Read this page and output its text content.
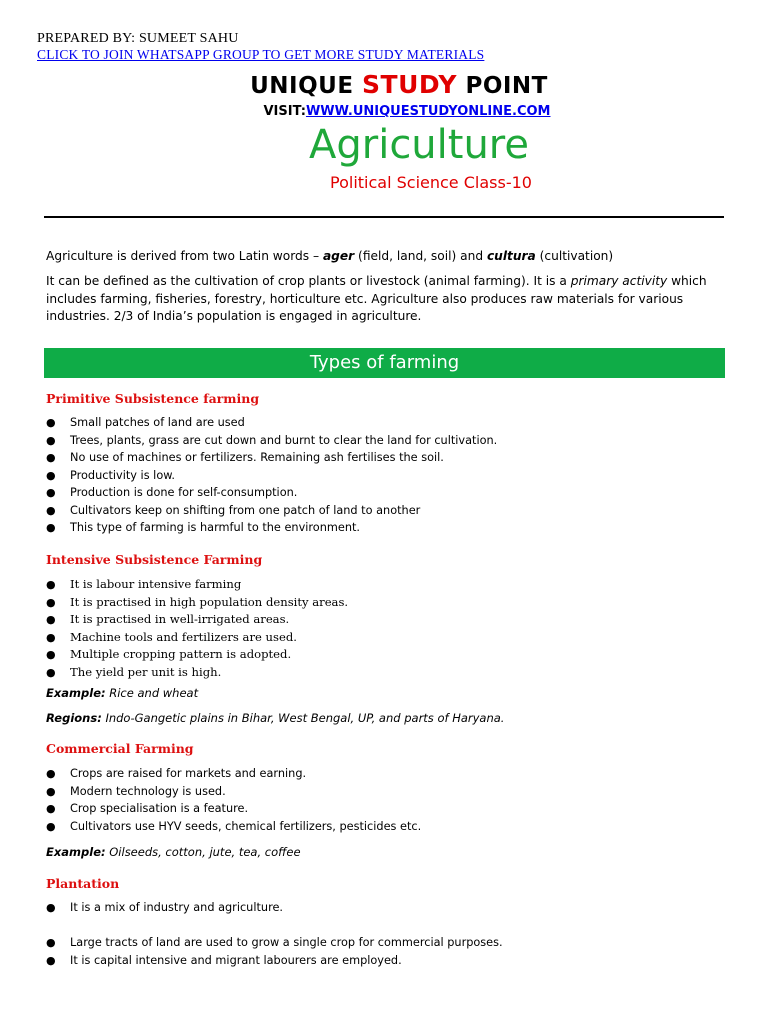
PREPARED BY: SUMEET SAHU
CLICK TO JOIN WHATSAPP GROUP TO GET MORE STUDY MATERIALS
UNIQUE STUDY POINT
VISIT:WWW.UNIQUESTUDYONLINE.COM
Agriculture
Political Science Class-10
Agriculture is derived from two Latin words – ager (field, land, soil) and cultura (cultivation)
It can be defined as the cultivation of crop plants or livestock (animal farming). It is a primary activity which includes farming, fisheries, forestry, horticulture etc. Agriculture also produces raw materials for various industries. 2/3 of India’s population is engaged in agriculture.
Types of farming
Primitive Subsistence farming
● Small patches of land are used
● Trees, plants, grass are cut down and burnt to clear the land for cultivation.
● No use of machines or fertilizers. Remaining ash fertilises the soil.
● Productivity is low.
● Production is done for self-consumption.
● Cultivators keep on shifting from one patch of land to another
● This type of farming is harmful to the environment.
Intensive Subsistence Farming
● It is labour intensive farming
● It is practised in high population density areas.
● It is practised in well-irrigated areas.
● Machine tools and fertilizers are used.
● Multiple cropping pattern is adopted.
● The yield per unit is high.
Example: Rice and wheat
Regions: Indo-Gangetic plains in Bihar, West Bengal, UP, and parts of Haryana.
Commercial Farming
● Crops are raised for markets and earning.
● Modern technology is used.
● Crop specialisation is a feature.
● Cultivators use HYV seeds, chemical fertilizers, pesticides etc.
Example: Oilseeds, cotton, jute, tea, coffee
Plantation
● It is a mix of industry and agriculture.
● Large tracts of land are used to grow a single crop for commercial purposes.
● It is capital intensive and migrant labourers are employed.
